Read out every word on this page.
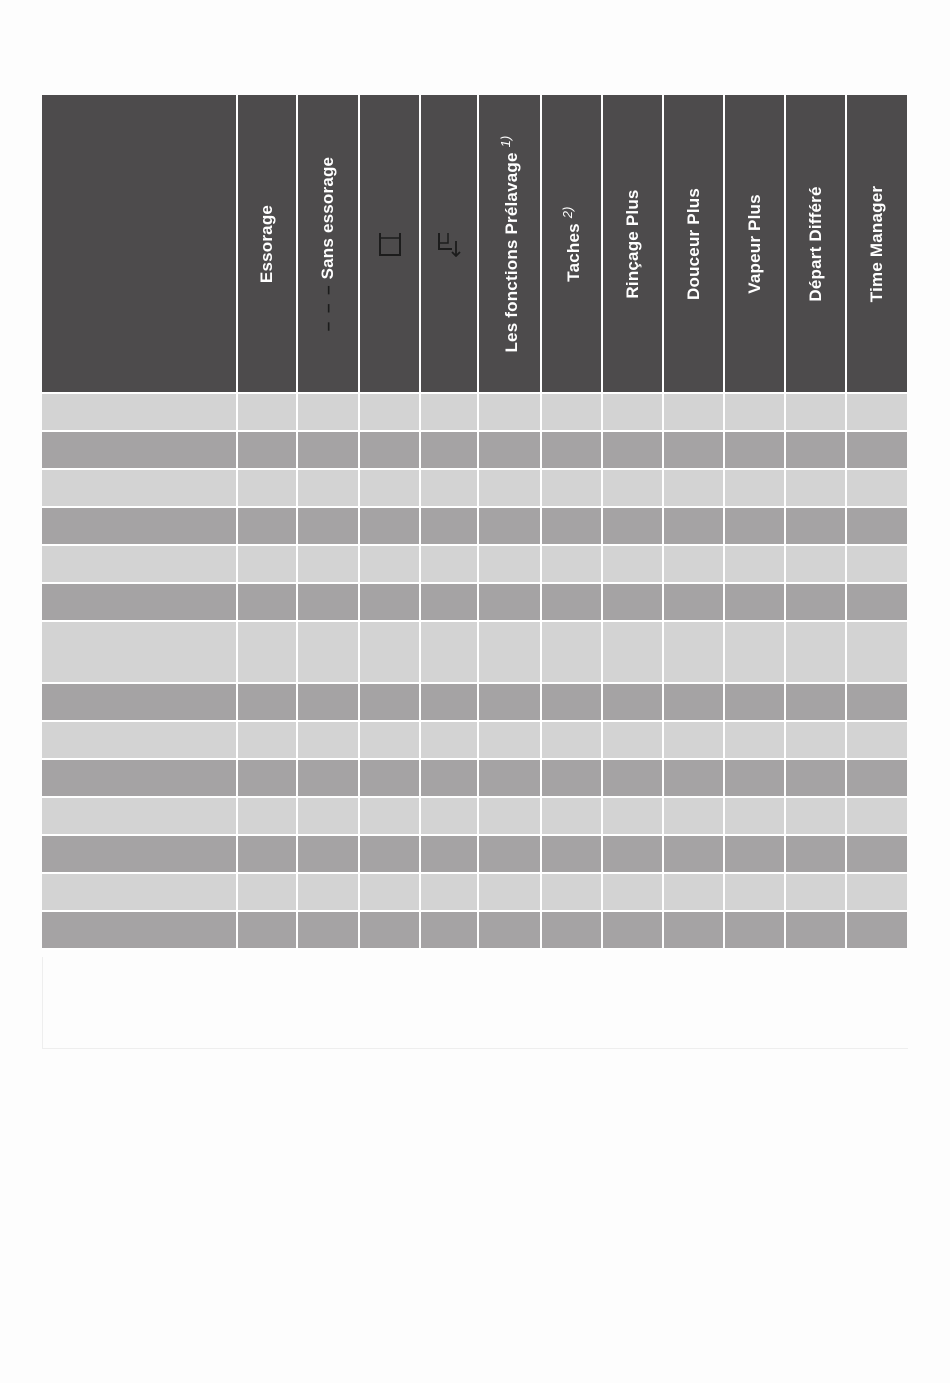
	Essorage	– – –Sans essorage			Les fonctions Prélavage $^{1)}$	Taches $^{2)}$	Rinçage Plus	Douceur Plus	Vapeur Plus	Départ Différé	Time Manager
